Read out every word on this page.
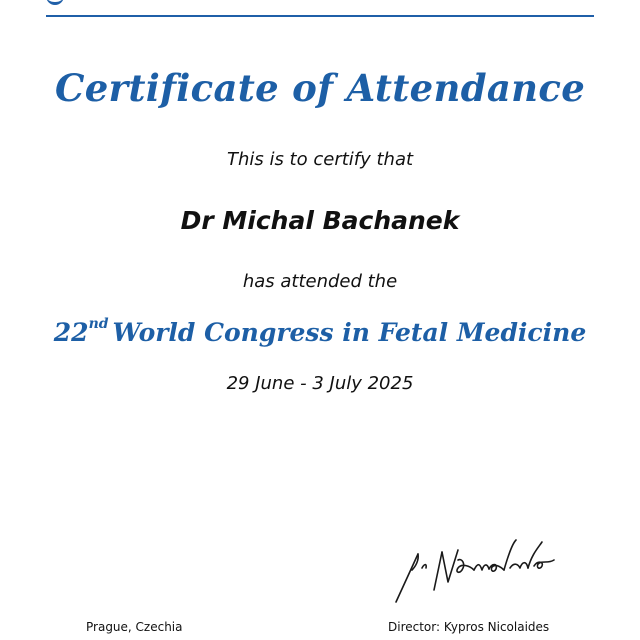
Certificate of Attendance
This is to certify that
Dr Michal Bachanek
has attended the
22nd World Congress in Fetal Medicine
29 June - 3 July 2025
Prague, Czechia	Director: Kypros Nicolaides
